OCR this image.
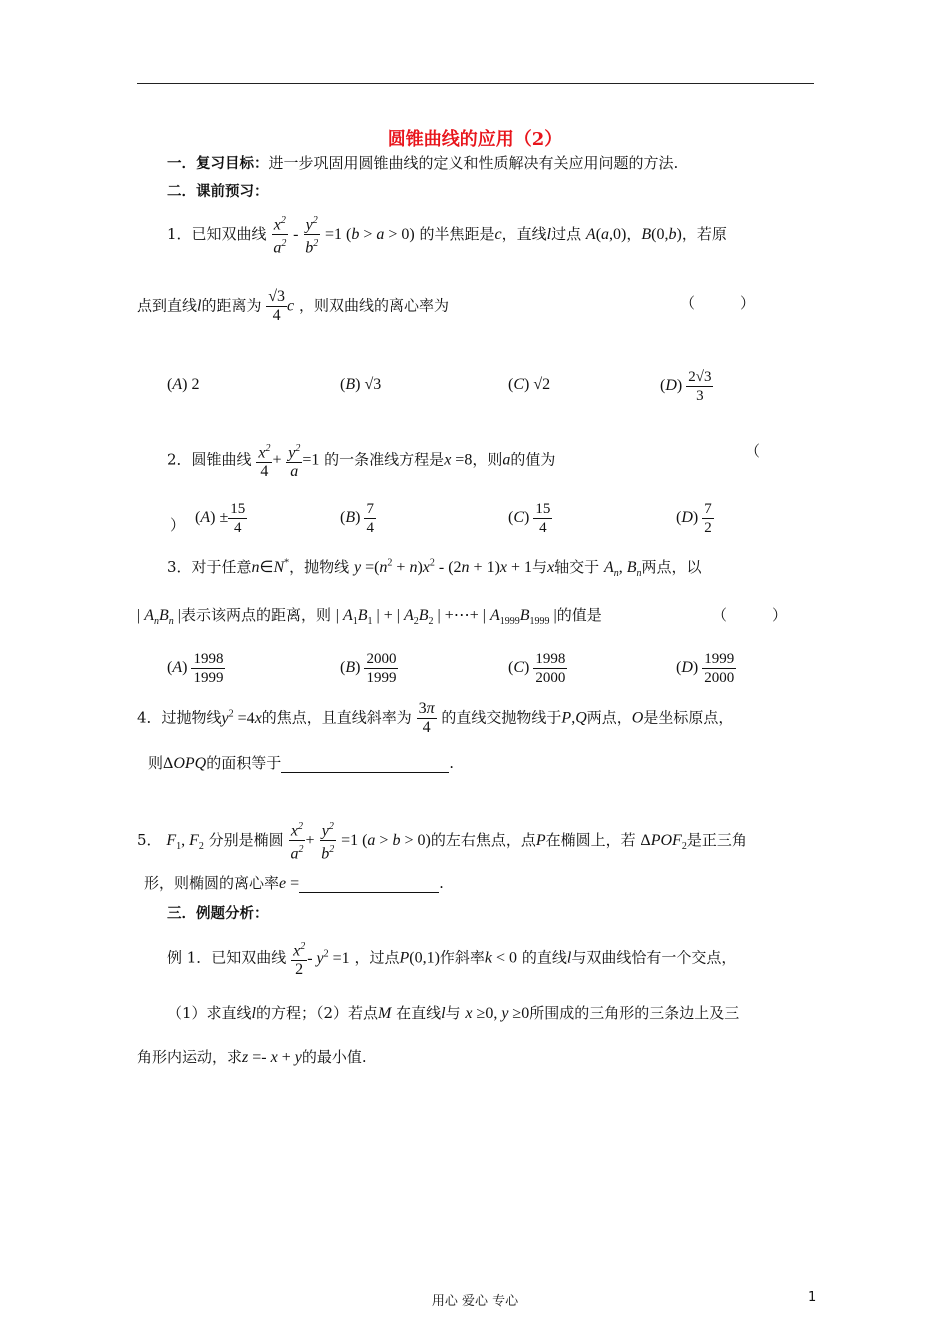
圆锥曲线的应用（2）
一．复习目标：进一步巩固用圆锥曲线的定义和性质解决有关应用问题的方法.
二．课前预习：
1．已知双曲线 $\frac{x^2}{a^2} - \frac{y^2}{b^2} =1$ (b > a > 0) 的半焦距是c，直线l过点 A(a,0)，B(0,b)，若原
点到直线l的距离为 $\frac{√3}{4}$ c ，则双曲线的离心率为	（　　　）
(A) 2	(B) √3	(C) √2	$(D) \frac{2√3}{3}$
2．圆锥曲线 $\frac{x^2}{4} + \frac{y^2}{a} =1$ 的一条准线方程是x =8，则a的值为	（
） $(A) \pm \frac{15}{4}$	$(B) \frac{7}{4}$	$(C) \frac{15}{4}$	$(D) \frac{7}{2}$
3．对于任意n∈N*，抛物线 $y =(n^2 + n)x^2 - (2n + 1)x + 1$与x轴交于 $A_n$, $B_n$两点，以
| $A_nB_n$ |表示该两点的距离，则 | $A_1B_1$ | + | $A_2B_2$ | +⋯+ | $A_{1999}B_{1999}$ |的值是	（　　　）
$(A) \frac{1998}{1999}$	$(B) \frac{2000}{1999}$	$(C) \frac{1998}{2000}$	$(D) \frac{1999}{2000}$
4．过抛物线$y^2 =4x$的焦点，且直线斜率为 $\frac{3\pi}{4}$ 的直线交抛物线于P,Q两点，O是坐标原点，
则ΔOPQ的面积等于	.
5． $F_1$, $F_2$ 分别是椭圆 $\frac{x^2}{a^2} + \frac{y^2}{b^2} =1$ (a > b > 0)的左右焦点，点P在椭圆上，若 $\Delta POF_2$是正三角
形，则椭圆的离心率e =	.
三．例题分析：
例 1．已知双曲线 $\frac{x^2}{2} - y^2 =1$ ，过点P(0,1)作斜率k < 0 的直线l与双曲线恰有一个交点，
（1）求直线l的方程；（2）若点M 在直线l与 x ≥0, y ≥0所围成的三角形的三条边上及三
角形内运动，求z =- x + y的最小值.
用心 爱心 专心	1
